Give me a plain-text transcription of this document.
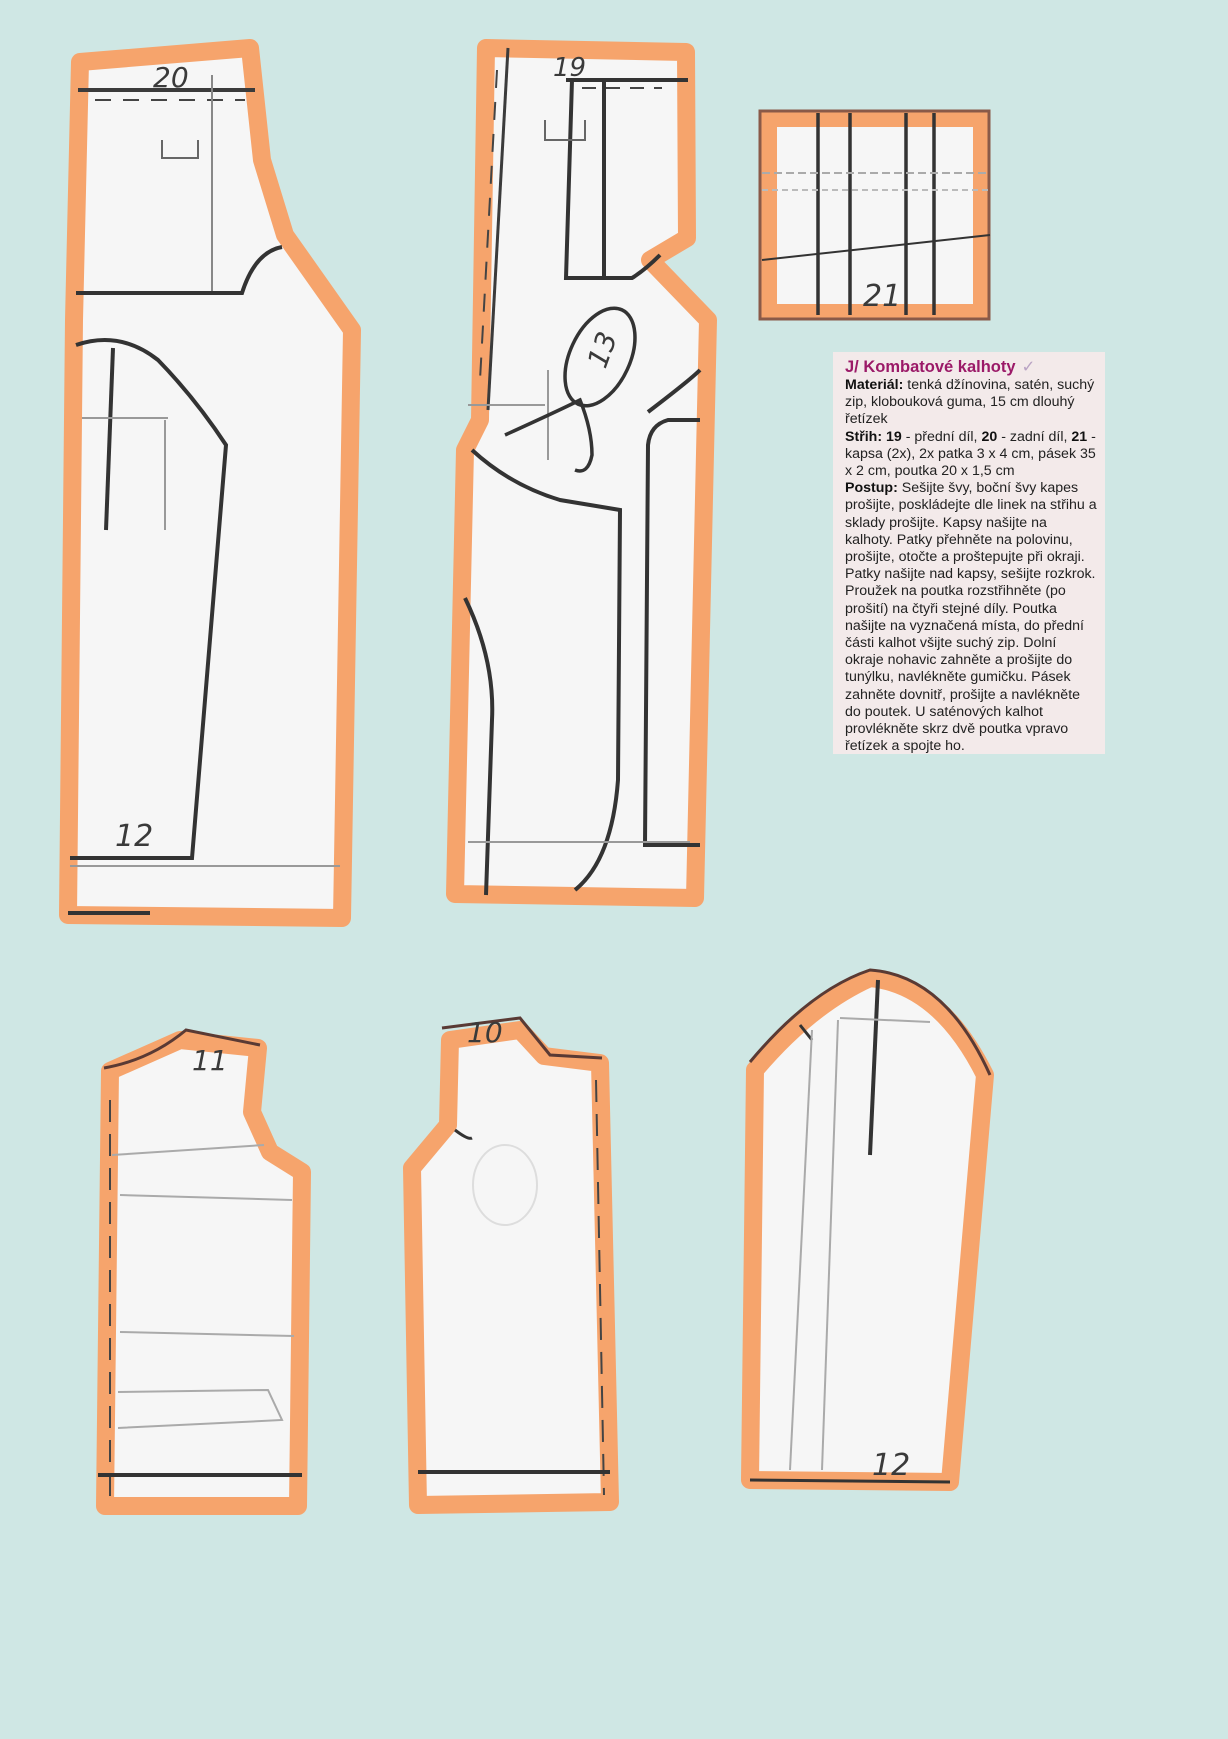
20
12
19
13
21
11
10
12
J/ Kombatové kalhoty ✓

Materiál: tenká džínovina, satén, suchý zip, klobouková guma, 15 cm dlouhý řetízek

Střih: 19 - přední díl, 20 - zadní díl, 21 - kapsa (2x), 2x patka 3 x 4 cm, pásek 35 x 2 cm, poutka 20 x 1,5 cm

Postup: Sešijte švy, boční švy kapes prošijte, poskládejte dle linek na střihu a sklady prošijte. Kapsy našijte na kalhoty. Patky přehněte na polovinu, prošijte, otočte a proštepujte při okraji. Patky našijte nad kapsy, sešijte rozkrok. Proužek na poutka rozstřihněte (po prošití) na čtyři stejné díly. Poutka našijte na vyznačená místa, do přední části kalhot všijte suchý zip. Dolní okraje nohavic zahněte a prošijte do tunýlku, navlékněte gumičku. Pásek zahněte dovnitř, prošijte a navlékněte do poutek. U saténových kalhot provlékněte skrz dvě poutka vpravo řetízek a spojte ho.
